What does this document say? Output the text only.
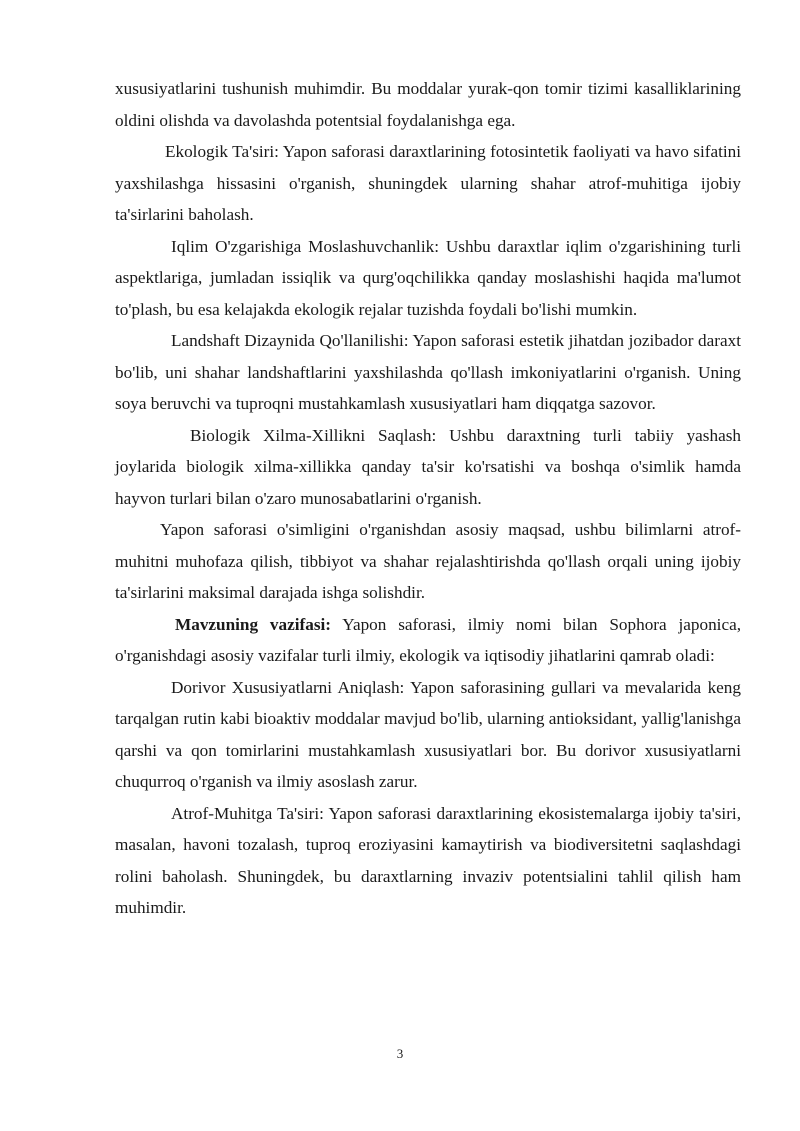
xususiyatlarini tushunish muhimdir. Bu moddalar yurak-qon tomir tizimi kasalliklarining oldini olishda va davolashda potentsial foydalanishga ega.

Ekologik Ta'siri: Yapon saforasi daraxtlarining fotosintetik faoliyati va havo sifatini yaxshilashga hissasini o'rganish, shuningdek ularning shahar atrof-muhitiga ijobiy ta'sirlarini baholash.

Iqlim O'zgarishiga Moslashuvchanlik: Ushbu daraxtlar iqlim o'zgarishining turli aspektlariga, jumladan issiqlik va qurg'oqchilikka qanday moslashishi haqida ma'lumot to'plash, bu esa kelajakda ekologik rejalar tuzishda foydali bo'lishi mumkin.

Landshaft Dizaynida Qo'llanilishi: Yapon saforasi estetik jihatdan jozibador daraxt bo'lib, uni shahar landshaftlarini yaxshilashda qo'llash imkoniyatlarini o'rganish. Uning soya beruvchi va tuproqni mustahkamlash xususiyatlari ham diqqatga sazovor.

Biologik Xilma-Xillikni Saqlash: Ushbu daraxtning turli tabiiy yashash joylarida biologik xilma-xillikka qanday ta'sir ko'rsatishi va boshqa o'simlik hamda hayvon turlari bilan o'zaro munosabatlarini o'rganish.

Yapon saforasi o'simligini o'rganishdan asosiy maqsad, ushbu bilimlarni atrof-muhitni muhofaza qilish, tibbiyot va shahar rejalashtirishda qo'llash orqali uning ijobiy ta'sirlarini maksimal darajada ishga solishdir.

Mavzuning vazifasi: Yapon saforasi, ilmiy nomi bilan Sophora japonica, o'rganishdagi asosiy vazifalar turli ilmiy, ekologik va iqtisodiy jihatlarini qamrab oladi:

Dorivor Xususiyatlarni Aniqlash: Yapon saforasining gullari va mevalarida keng tarqalgan rutin kabi bioaktiv moddalar mavjud bo'lib, ularning antioksidant, yallig'lanishga qarshi va qon tomirlarini mustahkamlash xususiyatlari bor. Bu dorivor xususiyatlarni chuqurroq o'rganish va ilmiy asoslash zarur.

Atrof-Muhitga Ta'siri: Yapon saforasi daraxtlarining ekosistemalarga ijobiy ta'siri, masalan, havoni tozalash, tuproq eroziyasini kamaytirish va biodiversitetni saqlashdagi rolini baholash. Shuningdek, bu daraxtlarning invaziv potentsialini tahlil qilish ham muhimdir.

3
